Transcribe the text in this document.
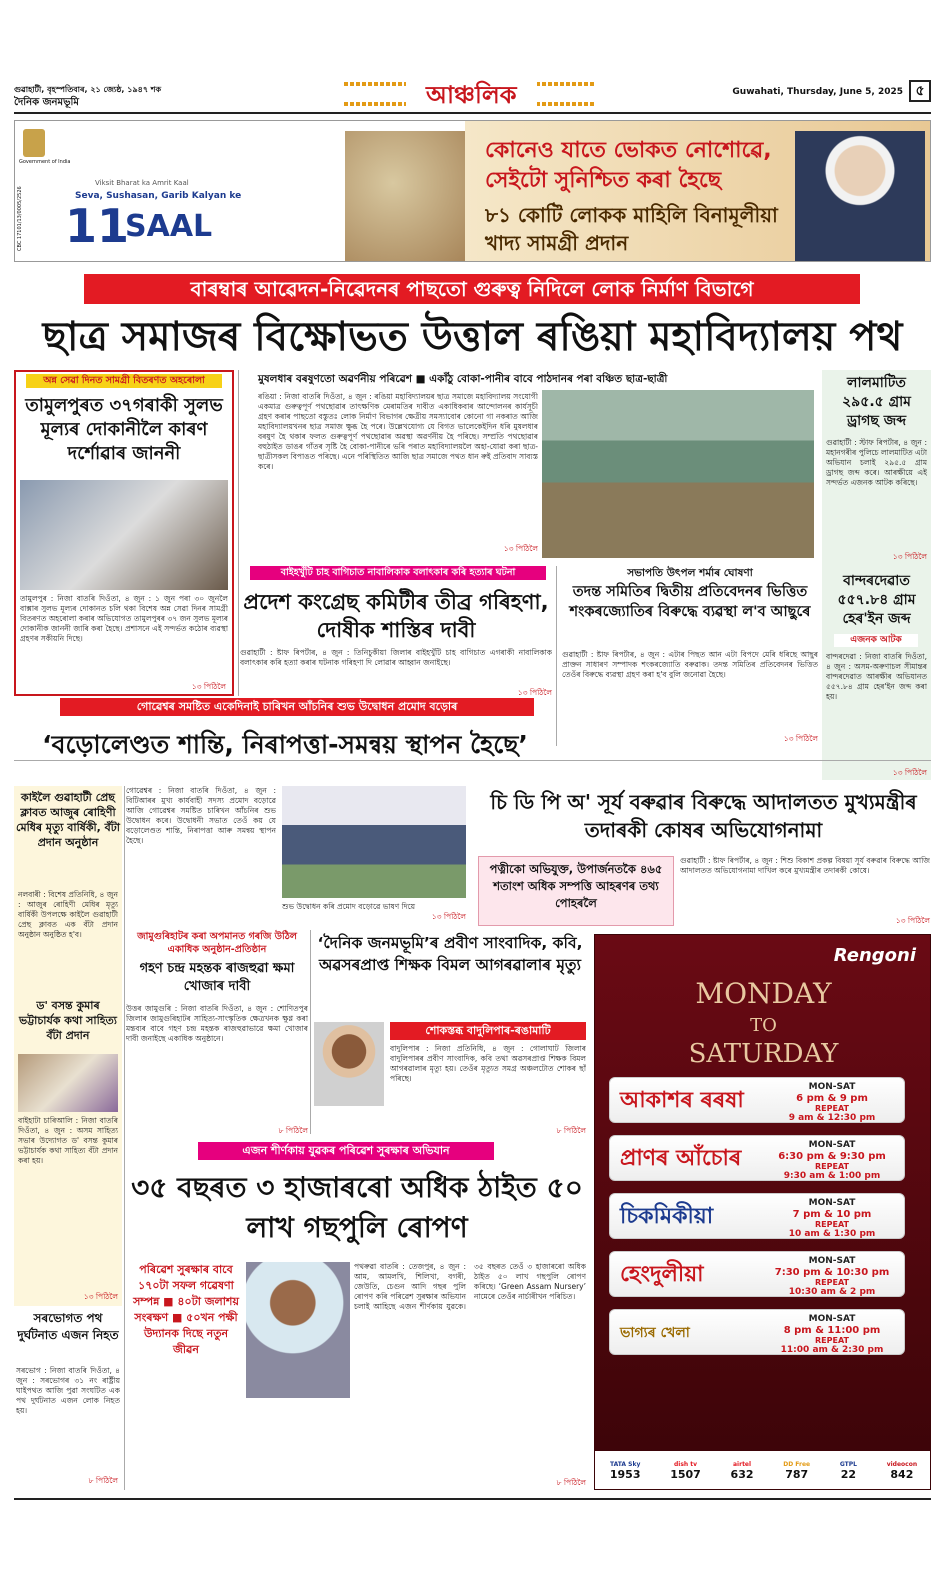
গুৱাহাটী, বৃহস্পতিবাৰ, ২১ জ্যেষ্ঠ, ১৯৪৭ শক
দৈনিক জনমভূমি	আঞ্চলিক	Guwahati, Thursday, June 5, 2025 ৫
Government of India
CBC 17101/13/0005/2526
Viksit Bharat ka Amrit Kaal
Seva, Sushasan, Garib Kalyan ke
11
SAAL
কোনেও যাতে ভোকত নোশোৱে,
সেইটো সুনিশ্চিত কৰা হৈছে
৮১ কোটি লোকক মাহিলি বিনামূলীয়া
খাদ্য সামগ্ৰী প্ৰদান
বাৰম্বাৰ আৱেদন-নিৱেদনৰ পাছতো গুৰুত্ব নিদিলে লোক নিৰ্মাণ বিভাগে
ছাত্ৰ সমাজৰ বিক্ষোভত উত্তাল ৰঙিয়া মহাবিদ্যালয় পথ
অন্ন সেৱা দিনত সামগ্ৰী বিতৰণত অহৰোলা
তামুলপুৰত ৩৭গৰাকী সুলভ মূল্যৰ দোকানীলৈ কাৰণ দৰ্শোৱাৰ জাননী
তামুলপুৰ : নিজা বাতৰি দিওঁতা, ৪ জুন : ১ জুন পৰা ৩০ জুনলৈ বাক্সাৰ সুলভ মূল্যৰ দোকানত চলি থকা বিশেষ অন্ন সেৱা দিনৰ সামগ্ৰী বিতৰণত অহৰোলা কৰাৰ অভিযোগত তামুলপুৰৰ ৩৭ জন সুলভ মূল্যৰ দোকানীক জাননী জাৰি কৰা হৈছে। প্ৰশাসনে এই সন্দৰ্ভত কঠোৰ ব্যৱস্থা গ্ৰহণৰ সকীয়নি দিছে।
১৩ পিঠিলৈ
মুষলধাৰ বৰষুণতো অৱৰ্ণনীয় পৰিৱেশ ■ একাঁঠু বোকা-পানীৰ বাবে পাঠদানৰ পৰা বঞ্চিত ছাত্ৰ-ছাত্ৰী
ৰঙিয়া : নিজা বাতৰি দিওঁতা, ৪ জুন : ৰঙিয়া মহাবিদ্যালয়ৰ ছাত্ৰ সমাজে মহাবিদ্যালয় সংযোগী একমাত্ৰ গুৰুত্বপূৰ্ণ পথছোৱাৰ তাৎক্ষণিক মেৰামতিৰ দাবীত একাধিকবাৰ আন্দোলনৰ কাৰ্যসূচী গ্ৰহণ কৰাৰ পাছতো বস্তুতঃ লোক নিৰ্মাণ বিভাগৰ ক্ষেত্ৰীয় সমস্যাবোৰ কোনো গা নকৰাত আজি মহাবিদ্যালয়খনৰ ছাত্ৰ সমাজ ক্ষুব্ধ হৈ পৰে। উল্লেখযোগ্য যে বিগত ভালেকেইদিন ধৰি মুষলধাৰ বৰষুণ হৈ থকাৰ ফলত গুৰুত্বপূৰ্ণ পথছোৱাৰ অৱস্থা অৱৰ্ণনীয় হৈ পৰিছে। সম্প্ৰতি পথছোৱাৰ বহুঠাইত ডাঙৰ গাঁতৰ সৃষ্টি হৈ বোকা-পানীৰে ভৰি পৰাত মহাবিদ্যালয়লৈ অহা-যোৱা কৰা ছাত্ৰ-ছাত্ৰীসকল বিপাঙত পৰিছে। এনে পৰিস্থিতিত আজি ছাত্ৰ সমাজে পথত ধান ৰুই প্ৰতিবাদ সাব্যস্ত কৰে।
১৩ পিঠিলৈ
লালমাটিত ২৯৫.৫ গ্ৰাম ড্ৰাগছ জব্দ
গুৱাহাটী : স্টাফ ৰিপৰ্টাৰ, ৪ জুন : মহানগৰীৰ পুলিচে লালমাটিত এটা অভিযান চলাই ২৯৫.৫ গ্ৰাম ড্ৰাগছ জব্দ কৰে। আৰক্ষীয়ে এই সন্দৰ্ভত এজনক আটক কৰিছে।
১৩ পিঠিলৈ
বান্দৰদেৱাত ৫৫৭.৮৪ গ্ৰাম হেৰ'ইন জব্দ
এজনক আটক
বান্দৰদেৱা : নিজা বাতৰি দিওঁতা, ৪ জুন : অসম-অৰুণাচল সীমান্তৰ বান্দৰদেৱাত আৰক্ষীৰ অভিযানত ৫৫৭.৮৪ গ্ৰাম হেৰ'ইন জব্দ কৰা হয়।
১৩ পিঠিলৈ
বাইহখুঁটি চাহ বাগিচাত নাবালিকাক বলাৎকাৰ কৰি হত্যাৰ ঘটনা
প্ৰদেশ কংগ্ৰেছ কমিটীৰ তীব্ৰ গৰিহণা, দোষীক শাস্তিৰ দাবী
গুৱাহাটী : ষ্টাফ ৰিপৰ্টাৰ, ৪ জুন : তিনিচুকীয়া জিলাৰ বাইহখুঁটি চাহ বাগিচাত এগৰাকী নাবালিকাক বলাৎকাৰ কৰি হত্যা কৰাৰ ঘটনাক গৰিহণা দি লোৱাৰ আহ্বান জনাইছে।
১৩ পিঠিলৈ
সভাপতি উৎপল শৰ্মাৰ ঘোষণা
তদন্ত সমিতিৰ দ্বিতীয় প্ৰতিবেদনৰ ভিত্তিত শংকৰজ্যোতিৰ বিৰুদ্ধে ব্যৱস্থা ল'ব আছুৰে
গুৱাহাটী : ষ্টাফ ৰিপৰ্টাৰ, ৪ জুন : এটাৰ পিছত আন এটা বিপদে মেৰি ধৰিছে আছুৰ প্ৰাক্তন সাধাৰণ সম্পাদক শংকৰজ্যোতি বৰুৱাক। তদন্ত সমিতিৰ প্ৰতিবেদনৰ ভিত্তিত তেওঁৰ বিৰুদ্ধে ব্যৱস্থা গ্ৰহণ কৰা হ'ব বুলি জনোৱা হৈছে।
১৩ পিঠিলৈ
গোৱেশ্বৰ সমষ্টিত একেদিনাই চাৰিখন আঁচনিৰ শুভ উদ্বোধন প্ৰমোদ বড়োৰ
‘বড়োলেণ্ডত শান্তি, নিৰাপত্তা-সমন্বয় স্থাপন হৈছে’
কাইলৈ গুৱাহাটী প্ৰেছ ক্লাবত আজুৰ ৰোহিণী মেধিৰ মৃত্যু বাৰ্ষিকী, বঁটা প্ৰদান অনুষ্ঠান
নলবাৰী : বিশেষ প্ৰতিনিধি, ৪ জুন : আজুৰ ৰোহিণী মেধিৰ মৃত্যু বাৰ্ষিকী উপলক্ষে কাইলৈ গুৱাহাটী প্ৰেছ ক্লাবত এক বঁটা প্ৰদান অনুষ্ঠান অনুষ্ঠিত হ'ব।
ড' বসন্ত কুমাৰ ভট্টাচাৰ্যক কথা সাহিত্য বঁটা প্ৰদান
বাইহাটা চাৰিআলি : নিজা বাতৰি দিওঁতা, ৪ জুন : অসম সাহিত্য সভাৰ উদ্যোগত ড' বসন্ত কুমাৰ ভট্টাচাৰ্যক কথা সাহিত্য বঁটা প্ৰদান কৰা হয়।
১৩ পিঠিলৈ
গোৱেশ্বৰ : নিজা বাতৰি দিওঁতা, ৪ জুন : বিটিআৰৰ মুখ্য কাৰ্যবাহী সদস্য প্ৰমোদ বড়োৱে আজি গোৱেশ্বৰ সমষ্টিত চাৰিখন আঁচনিৰ শুভ উদ্বোধন কৰে। উদ্বোধনী সভাত তেওঁ কয় যে বড়োলেণ্ডত শান্তি, নিৰাপত্তা আৰু সমন্বয় স্থাপন হৈছে।
শুভ উদ্বোধন কৰি প্ৰমোদ বড়োৱে ভাষণ দিয়ে
১৩ পিঠিলৈ
চি ডি পি অ' সূৰ্য বৰুৱাৰ বিৰুদ্ধে আদালতত মুখ্যমন্ত্ৰীৰ তদাৰকী কোষৰ অভিযোগনামা
পত্নীকো অভিযুক্ত, উপাৰ্জনতকৈ ৪৬৫ শতাংশ অধিক সম্পত্তি আহৰণৰ তথ্য পোহৰলৈ
গুৱাহাটী : ষ্টাফ ৰিপৰ্টাৰ, ৪ জুন : শিশু বিকাশ প্ৰকল্প বিষয়া সূৰ্য বৰুৱাৰ বিৰুদ্ধে আজি আদালতত অভিযোগনামা দাখিল কৰে মুখ্যমন্ত্ৰীৰ তদাৰকী কোষে।
১৩ পিঠিলৈ
জামুগুৰিহাটৰ কৰা অপমানত গৰজি উঠিল একাধিক অনুষ্ঠান-প্ৰতিষ্ঠান
গহণ চন্দ্ৰ মহন্তক ৰাজহুৱা ক্ষমা খোজাৰ দাবী
উত্তৰ জামুগুৰি : নিজা বাতৰি দিওঁতা, ৪ জুন : শোণিতপুৰ জিলাৰ জামুগুৰিহাটৰ সাহিত্য-সাংস্কৃতিক ক্ষেত্ৰখনক ক্ষুণ্ণ কৰা মন্তব্যৰ বাবে গহণ চন্দ্ৰ মহন্তক ৰাজহুৱাভাৱে ক্ষমা খোজাৰ দাবী জনাইছে একাধিক অনুষ্ঠানে।
৮ পিঠিলৈ
‘দৈনিক জনমভূমি’ৰ প্ৰবীণ সাংবাদিক, কবি, অৱসৰপ্ৰাপ্ত শিক্ষক বিমল আগৰৱালাৰ মৃত্যু
শোকস্তব্ধ বাদুলিপাৰ-ৰঙামাটি
বাদুলিপাৰ : নিজা প্ৰতিনিধি, ৪ জুন : গোলাঘাট জিলাৰ বাদুলিপাৰৰ প্ৰবীণ সাংবাদিক, কবি তথা অৱসৰপ্ৰাপ্ত শিক্ষক বিমল আগৰৱালাৰ মৃত্যু হয়। তেওঁৰ মৃত্যুত সমগ্ৰ অঞ্চলটোত শোকৰ ছাঁ পৰিছে।
৮ পিঠিলৈ
এজন শীৰ্ণকায় যুৱকৰ পৰিৱেশ সুৰক্ষাৰ অভিযান
৩৫ বছৰত ৩ হাজাৰৰো অধিক ঠাইত ৫০ লাখ গছপুলি ৰোপণ
সৰভোগত পথ দুৰ্ঘটনাত এজন নিহত
সৰভোগ : নিজা বাতৰি দিওঁতা, ৪ জুন : সৰভোগৰ ৩১ নং ৰাষ্ট্ৰীয় ঘাইপথত আজি পুৱা সংঘটিত এক পথ দুৰ্ঘটনাত এজন লোক নিহত হয়।
৮ পিঠিলৈ
পৰিৱেশ সুৰক্ষাৰ বাবে ১৭০টা সফল গৱেষণা সম্পন্ন ■ ৪০টা জলাশয় সংৰক্ষণ ■ ৫০খন পক্ষী উদ্যানক দিছে নতুন জীৱন
পথৰুৱা বাতৰি : তেজপুৰ, ৪ জুন : আম, আমলখি, শিলিখা, বগৰী, জেউতি, চেগুন আদি গছৰ পুলি ৰোপণ কৰি পৰিৱেশ সুৰক্ষাৰ অভিযান চলাই আহিছে এজন শীৰ্ণকায় যুৱকে। ৩৫ বছৰত তেওঁ ৩ হাজাৰৰো অধিক ঠাইত ৫০ লাখ গছপুলি ৰোপণ কৰিছে। ‘Green Assam Nursery’ নামেৰে তেওঁৰ নাৰ্চাৰীখন পৰিচিত।
৮ পিঠিলৈ
Rengoni
MONDAY
TO
SATURDAY
আকাশৰ ৰৰষা
MON-SAT
6 pm & 9 pm
REPEAT
9 am & 12:30 pm
প্ৰাণৰ আঁচোৰ
MON-SAT
6:30 pm & 9:30 pm
REPEAT
9:30 am & 1:00 pm
চিকমিকীয়া
MON-SAT
7 pm & 10 pm
REPEAT
10 am & 1:30 pm
হেংদুলীয়া
MON-SAT
7:30 pm & 10:30 pm
REPEAT
10:30 am & 2 pm
ভাগ্যৰ খেলা
MON-SAT
8 pm & 11:00 pm
REPEAT
11:00 am & 2:30 pm
TATA Sky
1953
dish tv
1507
airtel
632
DD Free
787
GTPL
22
videocon
842
